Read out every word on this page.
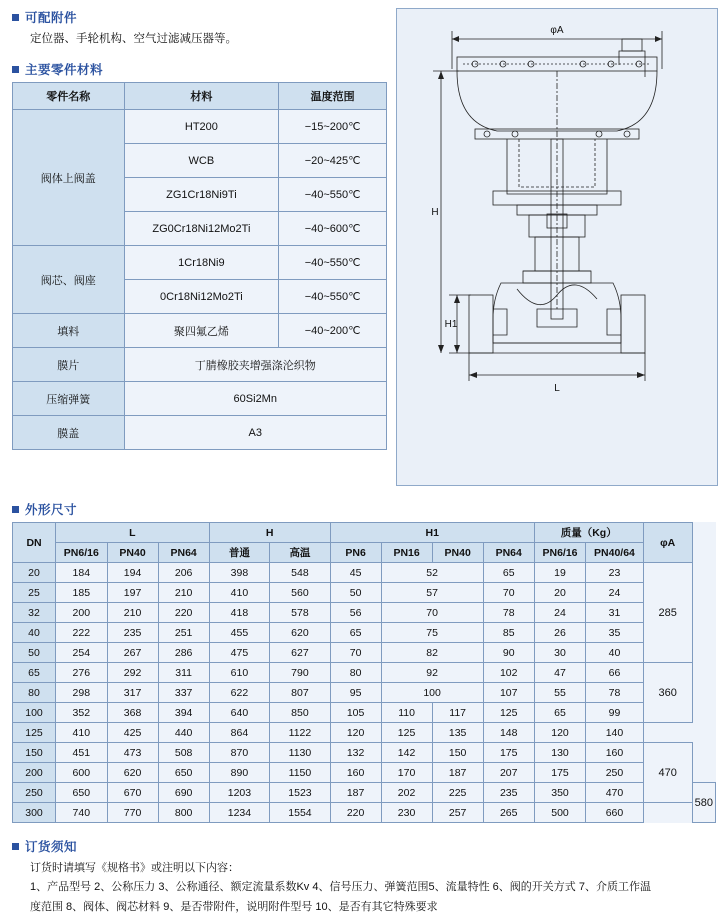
可配附件
定位器、手轮机构、空气过滤减压器等。
主要零件材料
零件名称	材料	温度范围
阀体上阀盖	HT200	−15~200℃
	WCB	−20~425℃
	ZG1Cr18Ni9Ti	−40~550℃
	ZG0Cr18Ni12Mo2Ti	−40~600℃
阀芯、阀座	1Cr18Ni9	−40~550℃
	0Cr18Ni12Mo2Ti	−40~550℃
填料	聚四氟乙烯	−40~200℃
膜片	丁腈橡胶夹增强涤沦织物	
压缩弹簧	60Si2Mn	
膜盖	A3	
φA
H
H1
L
外形尺寸
DN	L			H		H1				质量（Kg）		φA	
	PN6/16	PN40	PN64	普通	高温	PN6	PN16	PN40	PN64	PN6/16	PN40/64		
20	184	194	206	398	548	45	52		65	19	23	285	
25	185	197	210	410	560	50	57		70	20	24		
32	200	210	220	418	578	56	70		78	24	31		
40	222	235	251	455	620	65	75		85	26	35		
50	254	267	286	475	627	70	82		90	30	40		
65	276	292	311	610	790	80	92		102	47	66	360	
80	298	317	337	622	807	95	100		107	55	78		
100	352	368	394	640	850	105	110	117	125	65	99		
125	410	425	440	864	1122	120	125	135	148	120	140		
150	451	473	508	870	1130	132	142	150	175	130	160	470	
200	600	620	650	890	1150	160	170	187	207	175	250		
250	650	670	690	1203	1523	187	202	225	235	350	470		580
300	740	770	800	1234	1554	220	230	257	265	500	660		
订货须知
订货时请填写《规格书》或注明以下内容：
1、产品型号 2、公称压力 3、公称通径、额定流量系数Kv 4、信号压力、弹簧范围5、流量特性 6、阀的开关方式 7、介质工作温
度范围 8、阀体、阀芯材料 9、是否带附件，说明附件型号 10、是否有其它特殊要求
